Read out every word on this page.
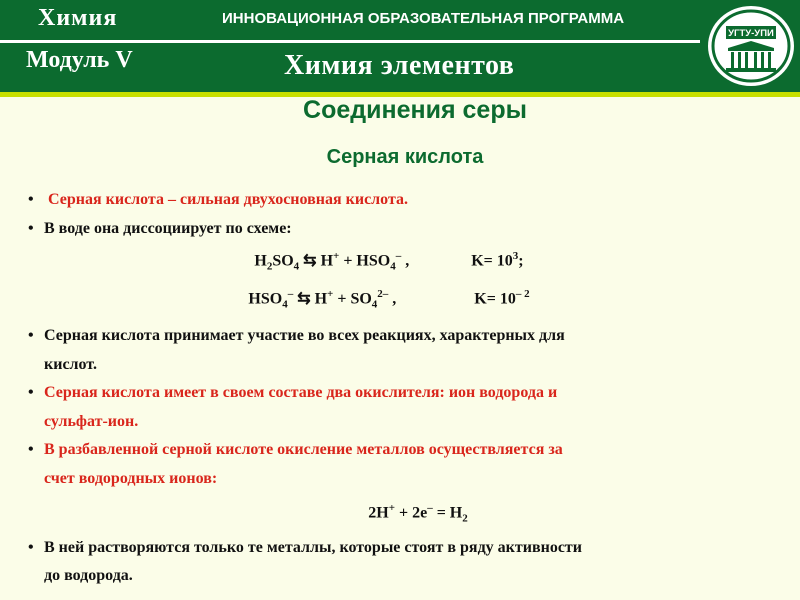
Химия
Модуль V
ИННОВАЦИОННАЯ ОБРАЗОВАТЕЛЬНАЯ ПРОГРАММА
Химия элементов
УГТУ-УПИ
Соединения серы
Серная кислота
• Серная кислота – сильная двухосновная кислота.
• В воде она диссоциирует по схеме:
$H_2SO_4$ ⇆ $H^+ + HSO_4^-$ ,	$K= 10^3$;
$HSO_4^-$ ⇆ $H^+ + SO_4^{2-}$ ,	$K= 10^{- 2}$
• Серная кислота принимает участие во всех реакциях, характерных для
кислот.
• Серная кислота имеет в своем составе два окислителя: ион водорода и
сульфат-ион.
• В разбавленной серной кислоте окисление металлов осуществляется за
счет водородных ионов:
$2H^+ + 2e^- = H_2$
• В ней растворяются только те металлы, которые стоят в ряду активности
до водорода.
